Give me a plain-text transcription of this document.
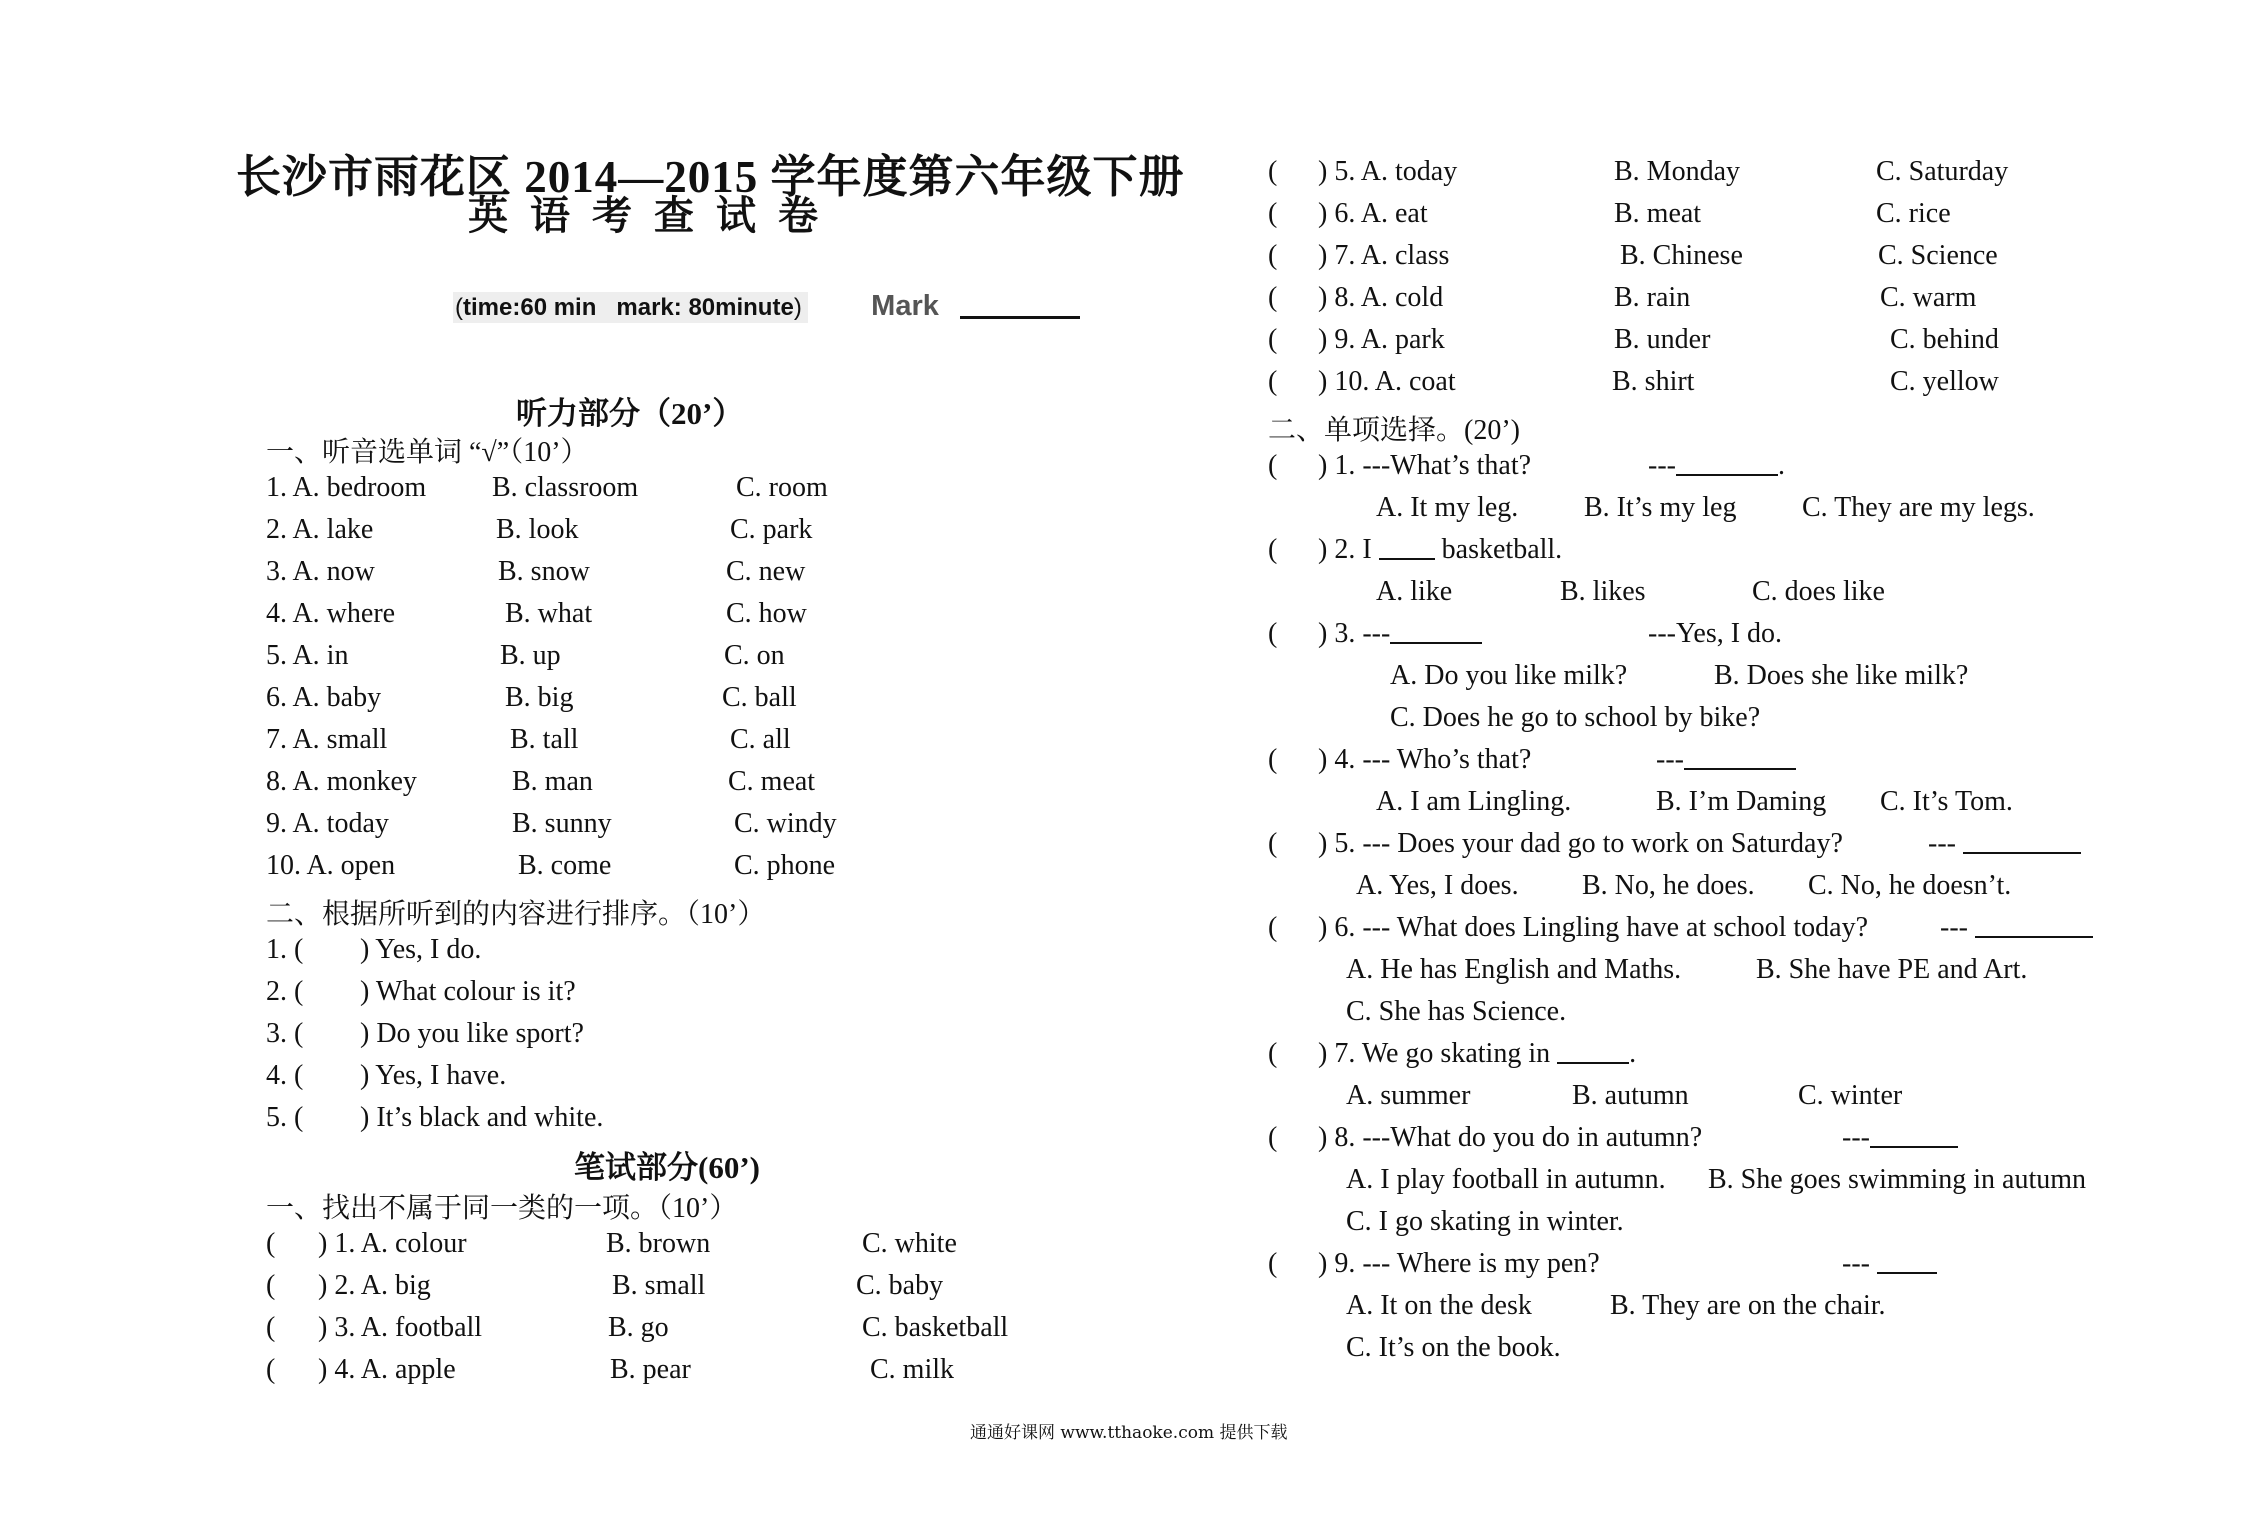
长沙市雨花区 2014—2015 学年度第六年级下册
英语考查试卷
(time:60 min mark: 80minute) Mark
听力部分（20’）
一、听音选单词 “√”（10’）
1. A. bedroom B. classroom	C. room
2. A. lake	B. look	C. park
3. A. now	B. snow	C. new
4. A. where	B. what	C. how
5. A. in	B. up	C. on
6. A. baby	B. big	C. ball
7. A. small	B. tall	C. all
8. A. monkey	B. man	C. meat
9. A. today	B. sunny	C. windy
10. A. open	B. come	C. phone
二、根据所听到的内容进行排序。（10’）
1. ( ) Yes, I do.
2. ( ) What colour is it?
3. ( ) Do you like sport?
4. ( ) Yes, I have.
5. ( ) It’s black and white.
笔试部分(60’)
一、找出不属于同一类的一项。（10’）
( ) 1. A. colour	B. brown	C. white
( ) 2. A. big	B. small	C. baby
( ) 3. A. football	B. go	C. basketball
( ) 4. A. apple	B. pear	C. milk
( ) 5. A. today	B. Monday	C. Saturday
( ) 6. A. eat	B. meat	C. rice
( ) 7. A. class	B. Chinese	C. Science
( ) 8. A. cold	B. rain	C. warm
( ) 9. A. park	B. under	C. behind
( ) 10. A. coat	B. shirt	C. yellow
二、单项选择。(20’)
( ) 1. ---What’s that?	---	.
A. It my leg. B. It’s my leg C. They are my legs.
( ) 2. I	basketball.
A. like	B. likes	C. does like
( ) 3. ---	---Yes, I do.
A. Do you like milk?	B. Does she like milk?
C. Does he go to school by bike?
( ) 4. --- Who’s that?	---
A. I am Lingling.	B. I’m Daming C. It’s Tom.
( ) 5. --- Does your dad go to work on Saturday?	---
A. Yes, I does. B. No, he does. C. No, he doesn’t.
( ) 6. --- What does Lingling have at school today?	---
A. He has English and Maths.	B. She have PE and Art.
C. She has Science.
( ) 7. We go skating in	.
A. summer	B. autumn	C. winter
( ) 8. ---What do you do in autumn?	---
A. I play football in autumn. B. She goes swimming in autumn
C. I go skating in winter.
( ) 9. --- Where is my pen?	---
A. It on the desk	B. They are on the chair.
C. It’s on the book.
通通好课网 www.tthaoke.com 提供下载
